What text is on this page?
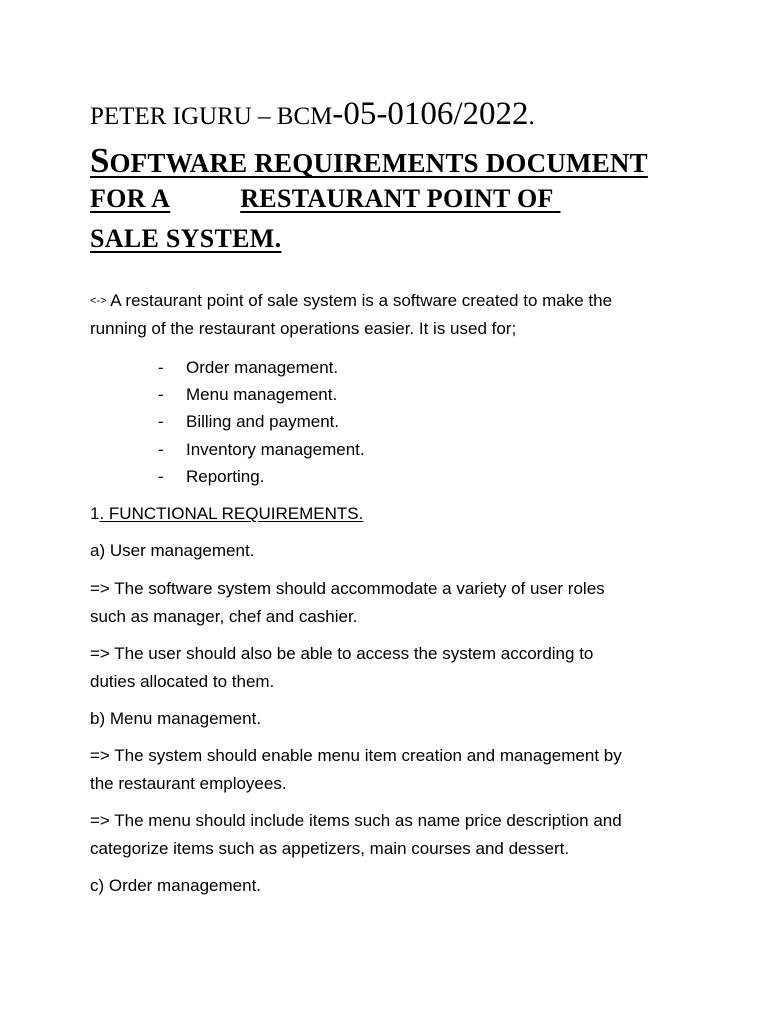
PETER IGURU – BCM-05-0106/2022.
SOFTWARE REQUIREMENTS DOCUMENT
FOR A	RESTAURANT POINT OF
SALE SYSTEM.
<-> A restaurant point of sale system is a software created to make the
running of the restaurant operations easier. It is used for;
- Order management.
- Menu management.
- Billing and payment.
- Inventory management.
- Reporting.
1. FUNCTIONAL REQUIREMENTS.
a) User management.
=> The software system should accommodate a variety of user roles
such as manager, chef and cashier.
=> The user should also be able to access the system according to
duties allocated to them.
b) Menu management.
=> The system should enable menu item creation and management by
the restaurant employees.
=> The menu should include items such as name price description and
categorize items such as appetizers, main courses and dessert.
c) Order management.
